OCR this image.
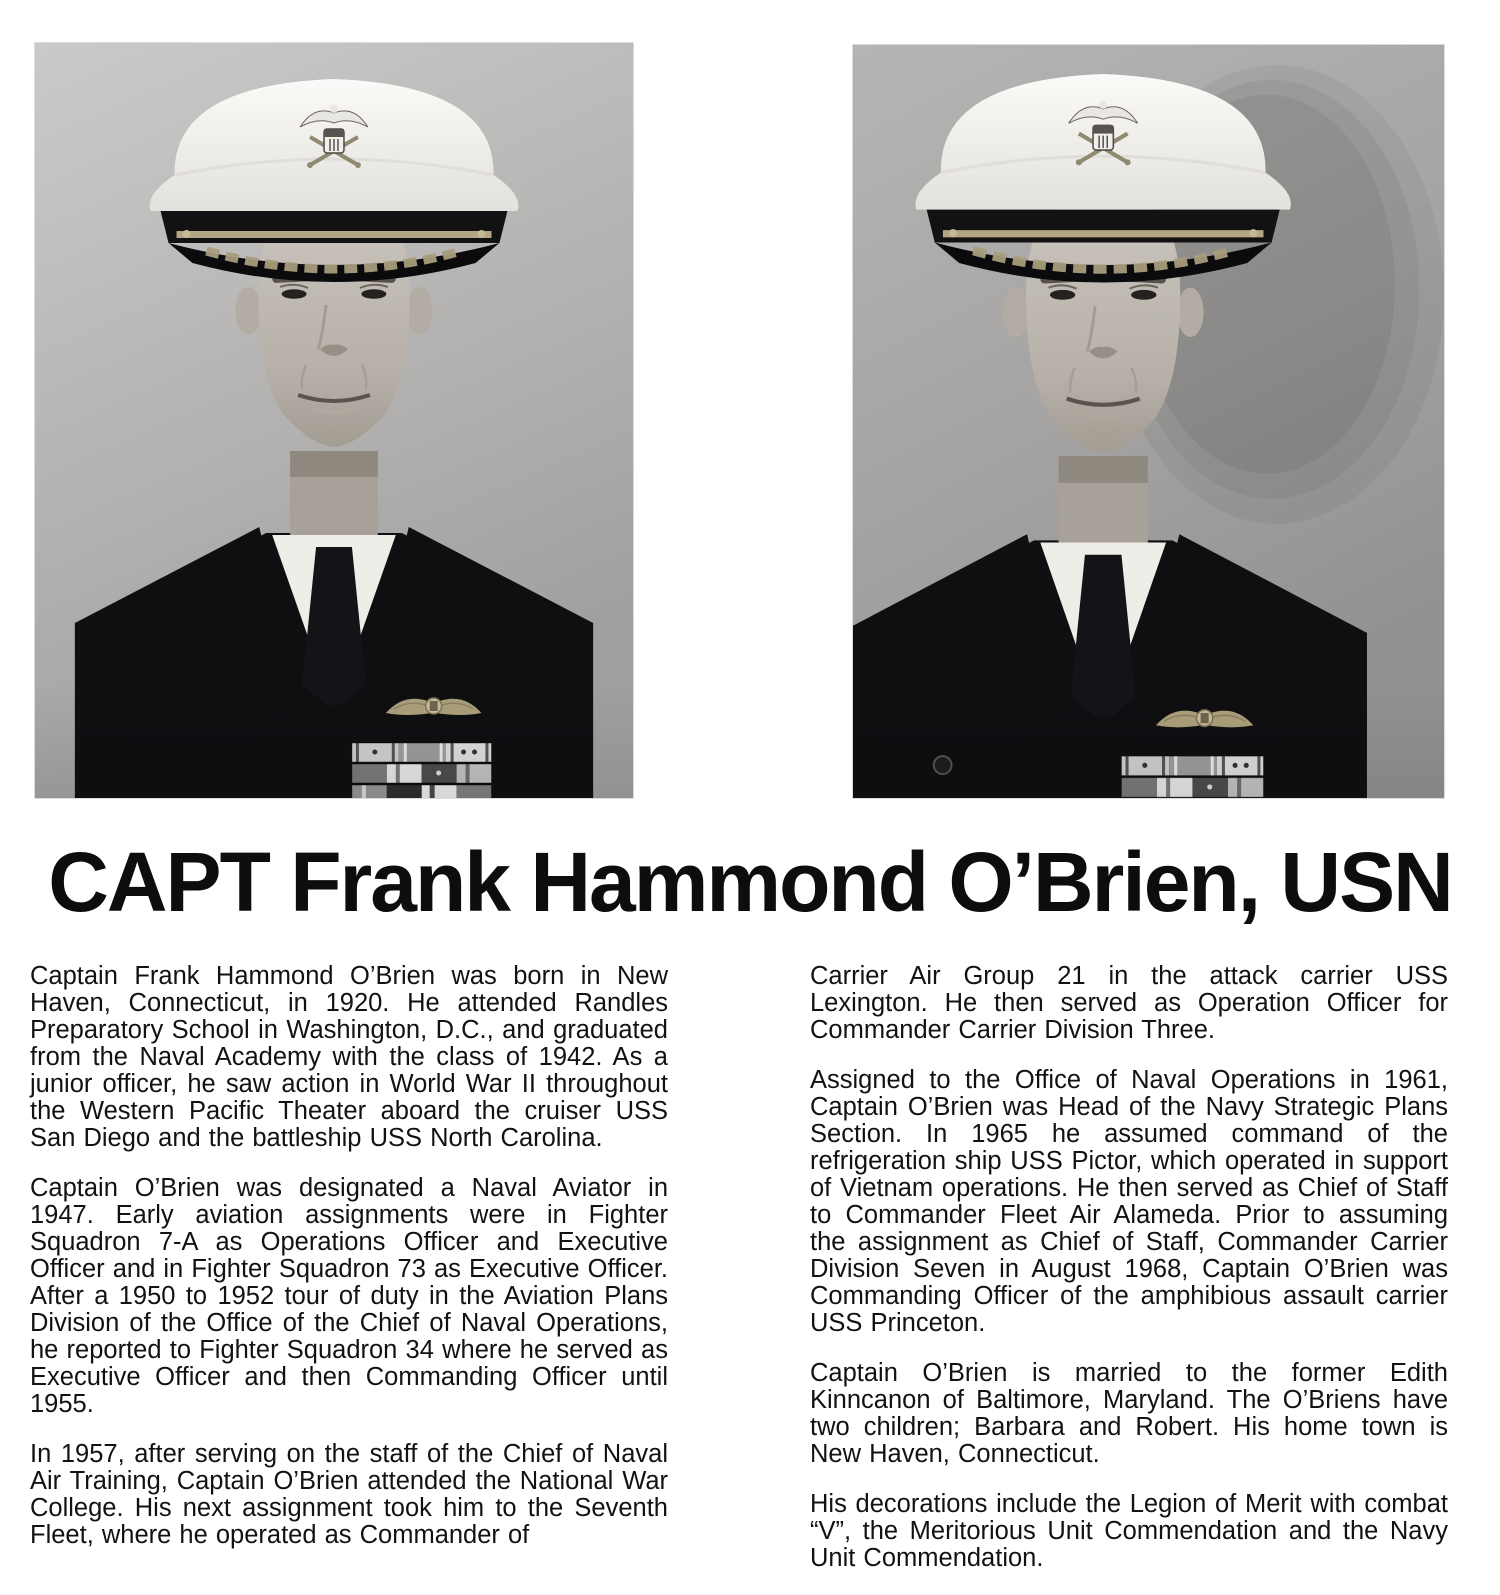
CAPT Frank Hammond O’Brien, USN

Captain Frank Hammond O’Brien was born in New Haven, Connecticut, in 1920. He attended Randles Preparatory School in Washington, D.C., and graduated from the Naval Academy with the class of 1942. As a junior officer, he saw action in World War II throughout the Western Pacific Theater aboard the cruiser USS San Diego and the battleship USS North Carolina.

Captain O’Brien was designated a Naval Aviator in 1947. Early aviation assignments were in Fighter Squadron 7-A as Operations Officer and Executive Officer and in Fighter Squadron 73 as Executive Officer. After a 1950 to 1952 tour of duty in the Aviation Plans Division of the Office of the Chief of Naval Operations, he reported to Fighter Squadron 34 where he served as Executive Officer and then Commanding Officer until 1955.

In 1957, after serving on the staff of the Chief of Naval Air Training, Captain O’Brien attended the National War College. His next assignment took him to the Seventh Fleet, where he operated as Commander of

Carrier Air Group 21 in the attack carrier USS Lexington. He then served as Operation Officer for Commander Carrier Division Three.

Assigned to the Office of Naval Operations in 1961, Captain O’Brien was Head of the Navy Strategic Plans Section. In 1965 he assumed command of the refrigeration ship USS Pictor, which operated in support of Vietnam operations. He then served as Chief of Staff to Commander Fleet Air Alameda. Prior to assuming the assignment as Chief of Staff, Commander Carrier Division Seven in August 1968, Captain O’Brien was Commanding Officer of the amphibious assault carrier USS Princeton.

Captain O’Brien is married to the former Edith Kinncanon of Baltimore, Maryland. The O’Briens have two children; Barbara and Robert. His home town is New Haven, Connecticut.

His decorations include the Legion of Merit with combat “V”, the Meritorious Unit Commendation and the Navy Unit Commendation.
